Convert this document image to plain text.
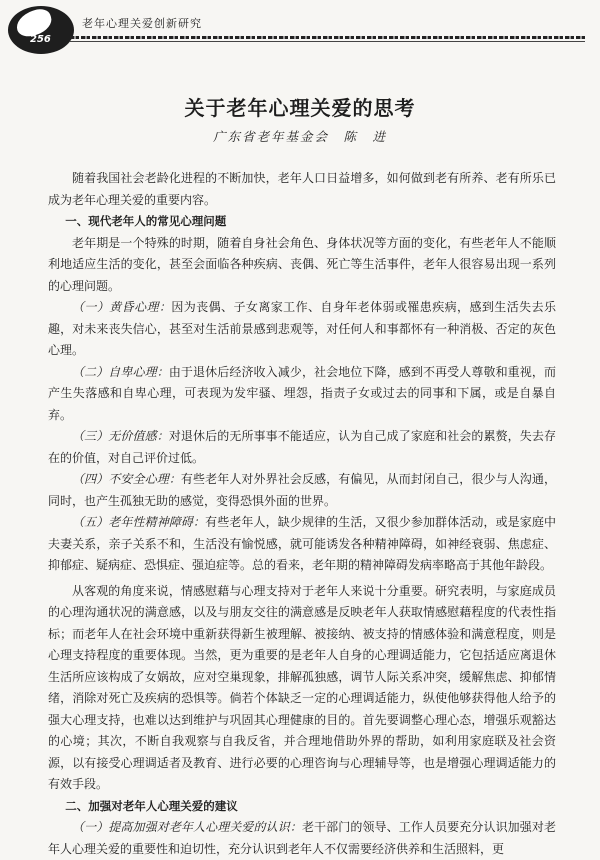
256
老年心理关爱创新研究
关于老年心理关爱的思考
广东省老年基金会　陈　进

随着我国社会老龄化进程的不断加快，老年人口日益增多，如何做到老有所养、老有所乐已成为老年心理关爱的重要内容。

一、现代老年人的常见心理问题

老年期是一个特殊的时期，随着自身社会角色、身体状况等方面的变化，有些老年人不能顺利地适应生活的变化，甚至会面临各种疾病、丧偶、死亡等生活事件，老年人很容易出现一系列的心理问题。

（一）黄昏心理：因为丧偶、子女离家工作、自身年老体弱或罹患疾病，感到生活失去乐趣，对未来丧失信心，甚至对生活前景感到悲观等，对任何人和事都怀有一种消极、否定的灰色心理。

（二）自卑心理：由于退休后经济收入减少，社会地位下降，感到不再受人尊敬和重视，而产生失落感和自卑心理，可表现为发牢骚、埋怨，指责子女或过去的同事和下属，或是自暴自弃。

（三）无价值感：对退休后的无所事事不能适应，认为自己成了家庭和社会的累赘，失去存在的价值，对自己评价过低。

（四）不安全心理：有些老年人对外界社会反感，有偏见，从而封闭自己，很少与人沟通，同时，也产生孤独无助的感觉，变得恐惧外面的世界。

（五）老年性精神障碍：有些老年人，缺少规律的生活，又很少参加群体活动，或是家庭中夫妻关系，亲子关系不和，生活没有愉悦感，就可能诱发各种精神障碍，如神经衰弱、焦虑症、抑郁症、疑病症、恐惧症、强迫症等。总的看来，老年期的精神障碍发病率略高于其他年龄段。

从客观的角度来说，情感慰藉与心理支持对于老年人来说十分重要。研究表明，与家庭成员的心理沟通状况的满意感，以及与朋友交往的满意感是反映老年人获取情感慰藉程度的代表性指标；而老年人在社会环境中重新获得新生被理解、被接纳、被支持的情感体验和满意程度，则是心理支持程度的重要体现。当然，更为重要的是老年人自身的心理调适能力，它包括适应离退休生活所应该构成了女娲故，应对空巢现象，排解孤独感，调节人际关系冲突，缓解焦虑、抑郁情绪，消除对死亡及疾病的恐惧等。倘若个体缺乏一定的心理调适能力，纵使他够获得他人给予的强大心理支持，也难以达到维护与巩固其心理健康的目的。首先要调整心理心态，增强乐观豁达的心境；其次，不断自我观察与自我反省，并合理地借助外界的帮助，如利用家庭联及社会资源，以有接受心理调适者及教育、进行必要的心理咨询与心理辅导等，也是增强心理调适能力的有效手段。

二、加强对老年人心理关爱的建议

（一）提高加强对老年人心理关爱的认识：老干部门的领导、工作人员要充分认识加强对老年人心理关爱的重要性和迫切性，充分认识到老年人不仅需要经济供养和生活照料，更
